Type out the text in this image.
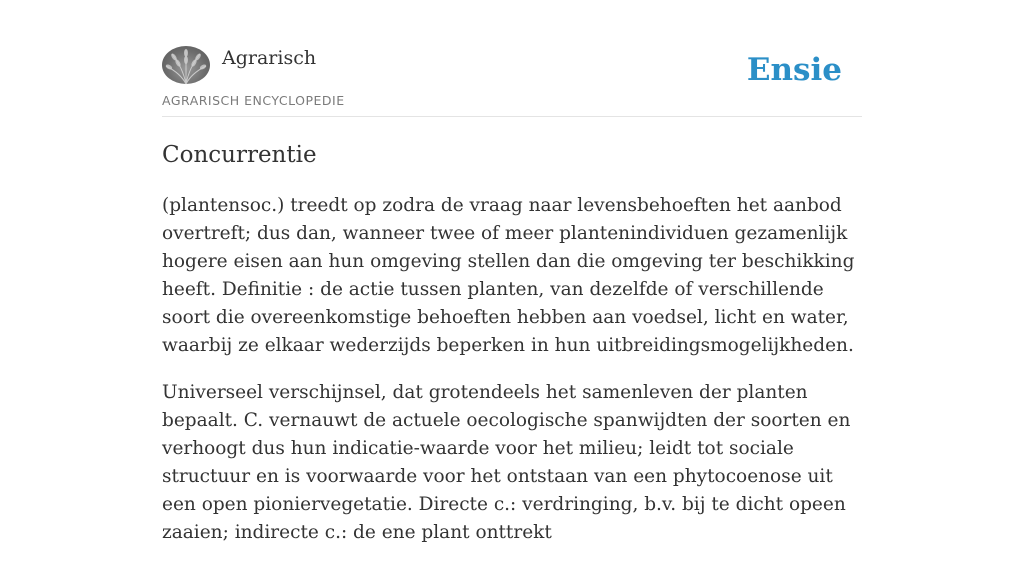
Agrarisch
AGRARISCH ENCYCLOPEDIE
Ensie
Concurrentie

(plantensoc.) treedt op zodra de vraag naar levensbehoeften het aanbod overtreft; dus dan, wanneer twee of meer plantenindividuen gezamenlijk hogere eisen aan hun omgeving stellen dan die omgeving ter beschikking heeft. Definitie : de actie tussen planten, van dezelfde of verschillende soort die overeenkomstige behoeften hebben aan voedsel, licht en water, waarbij ze elkaar wederzijds beperken in hun uitbreidingsmogelijkheden.

Universeel verschijnsel, dat grotendeels het samenleven der planten bepaalt. C. vernauwt de actuele oecologische spanwijdten der soorten en verhoogt dus hun indicatie-waarde voor het milieu; leidt tot sociale structuur en is voorwaarde voor het ontstaan van een phytocoenose uit een open pioniervegetatie. Directe c.: verdringing, b.v. bij te dicht opeen zaaien; indirecte c.: de ene plant onttrekt
